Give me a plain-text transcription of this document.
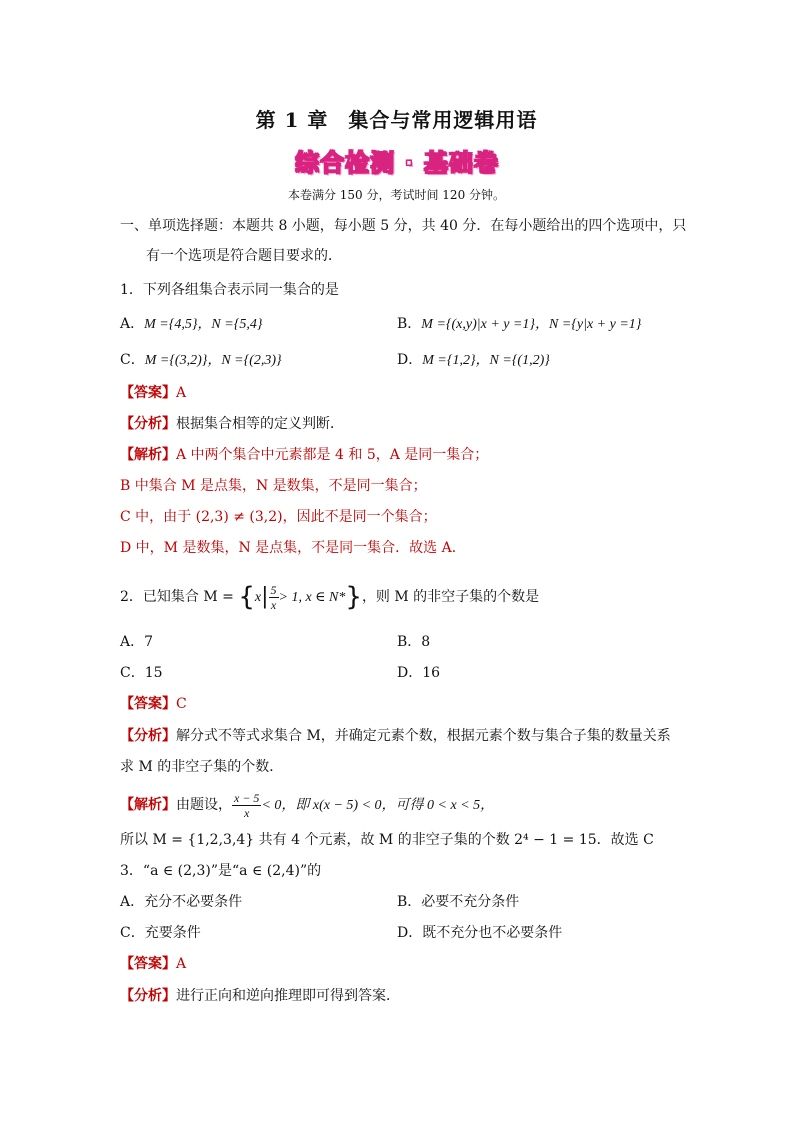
第 1 章 集合与常用逻辑用语
综合检测 · 基础卷
本卷满分 150 分，考试时间 120 分钟。
一、单项选择题：本题共 8 小题，每小题 5 分，共 40 分．在每小题给出的四个选项中，只
有一个选项是符合题目要求的．
1．下列各组集合表示同一集合的是
A．M ={4,5}，N ={5,4}	B．M ={(x,y)|x + y =1}，N ={y|x + y =1}
C．M ={(3,2)}，N ={(2,3)}	D．M ={1,2}，N ={(1,2)}
【答案】A
【分析】根据集合相等的定义判断．
【解析】A 中两个集合中元素都是 4 和 5，A 是同一集合；
B 中集合 M 是点集，N 是数集，不是同一集合；
C 中，由于 (2,3) ≠ (3,2)，因此不是同一个集合；
D 中，M 是数集，N 是点集，不是同一集合．故选 A．
2．已知集合 $M = \{x| \frac{5}{x} > 1$, x ∈ N*}，则 M 的非空子集的个数是
A．7	B．8
C．15	D．16
【答案】C
【分析】解分式不等式求集合 M，并确定元素个数，根据元素个数与集合子集的数量关系
求 M 的非空子集的个数．
【解析】由题设， $\frac{x - 5}{x} < 0$，即 x(x − 5) < 0，可得 0 < x < 5，
所以 M = {1,2,3,4} 共有 4 个元素，故 M 的非空子集的个数 2⁴ − 1 = 15．故选 C
3．“a ∈ (2,3)”是“a ∈ (2,4)”的
A．充分不必要条件	B．必要不充分条件
C．充要条件	D．既不充分也不必要条件
【答案】A
【分析】进行正向和逆向推理即可得到答案．
